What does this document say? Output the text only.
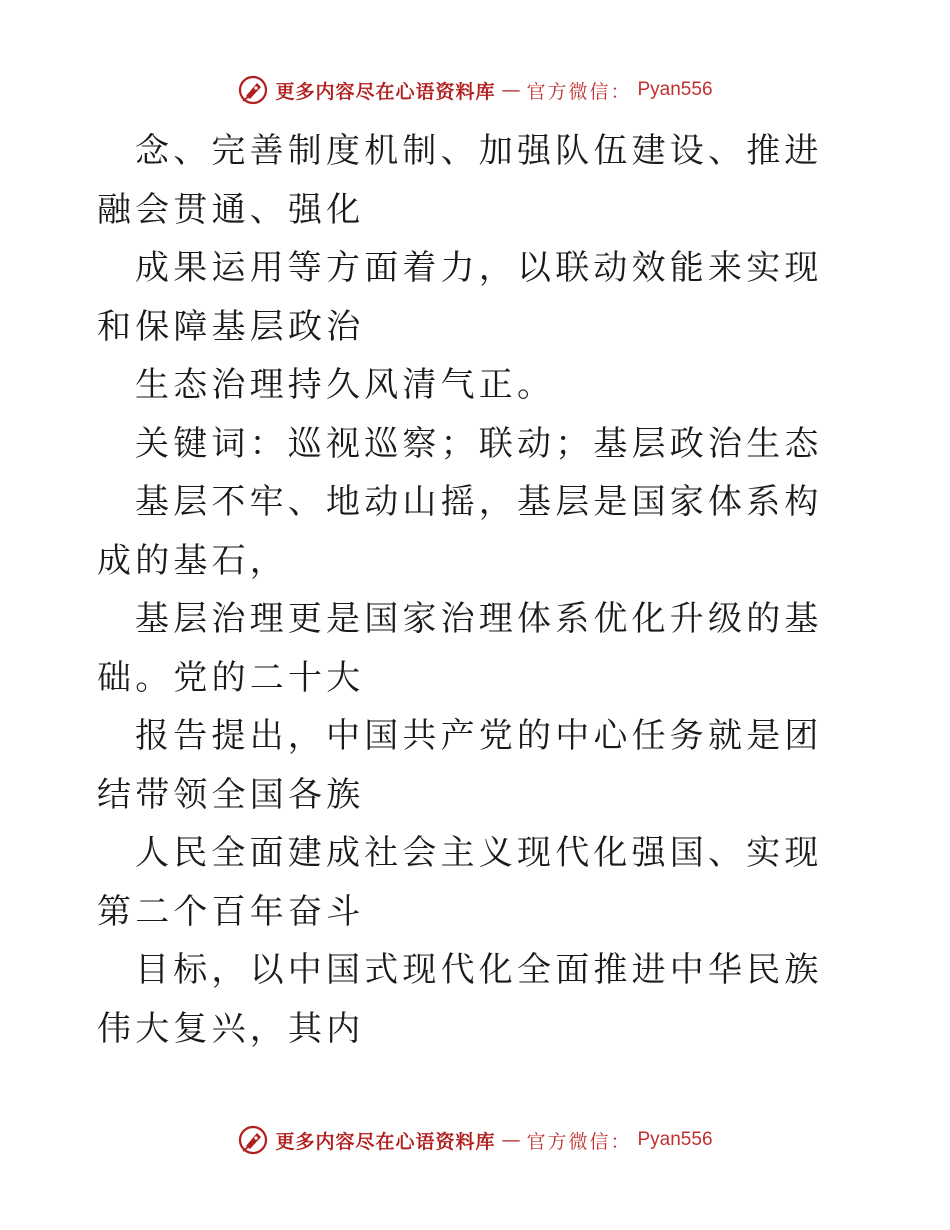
更多内容尽在心语资料库 — 官方微信： Pyan556

念、完善制度机制、加强队伍建设、推进融会贯通、强化

成果运用等方面着力，以联动效能来实现和保障基层政治

生态治理持久风清气正。

关键词：巡视巡察；联动；基层政治生态

基层不牢、地动山摇，基层是国家体系构成的基石，

基层治理更是国家治理体系优化升级的基础。党的二十大

报告提出，中国共产党的中心任务就是团结带领全国各族

人民全面建成社会主义现代化强国、实现第二个百年奋斗

目标，以中国式现代化全面推进中华民族伟大复兴，其内

更多内容尽在心语资料库 — 官方微信： Pyan556
